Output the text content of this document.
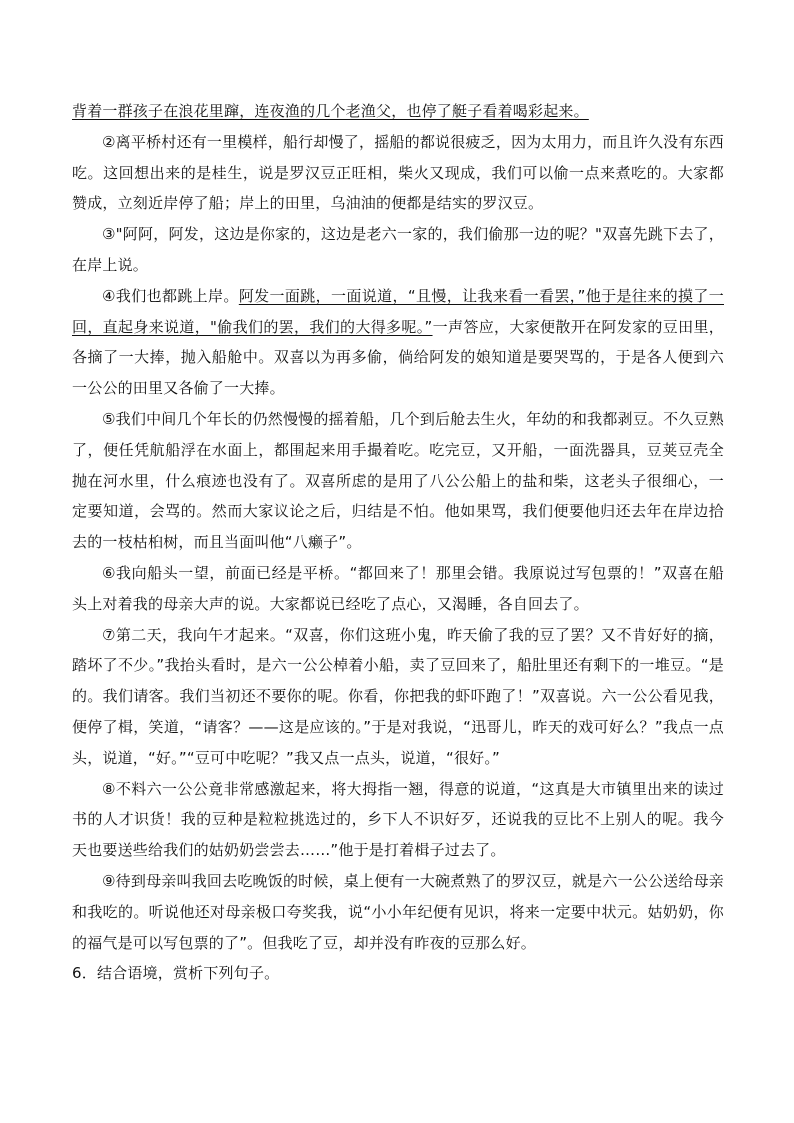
背着一群孩子在浪花里蹿，连夜渔的几个老渔父，也停了艇子看着喝彩起来。

②离平桥村还有一里模样，船行却慢了，摇船的都说很疲乏，因为太用力，而且许久没有东西吃。这回想出来的是桂生，说是罗汉豆正旺相，柴火又现成，我们可以偷一点来煮吃的。大家都赞成，立刻近岸停了船；岸上的田里，乌油油的便都是结实的罗汉豆。

③"阿阿，阿发，这边是你家的，这边是老六一家的，我们偷那一边的呢？"双喜先跳下去了，在岸上说。

④我们也都跳上岸。阿发一面跳，一面说道，“且慢，让我来看一看罢，”他于是往来的摸了一回，直起身来说道，"偷我们的罢，我们的大得多呢。”一声答应，大家便散开在阿发家的豆田里，各摘了一大捧，抛入船舱中。双喜以为再多偷，倘给阿发的娘知道是要哭骂的，于是各人便到六一公公的田里又各偷了一大捧。

⑤我们中间几个年长的仍然慢慢的摇着船，几个到后舱去生火，年幼的和我都剥豆。不久豆熟了，便任凭航船浮在水面上，都围起来用手撮着吃。吃完豆，又开船，一面洗器具，豆荚豆壳全抛在河水里，什么痕迹也没有了。双喜所虑的是用了八公公船上的盐和柴，这老头子很细心，一定要知道，会骂的。然而大家议论之后，归结是不怕。他如果骂，我们便要他归还去年在岸边拾去的一枝枯桕树，而且当面叫他“八癞子”。

⑥我向船头一望，前面已经是平桥。“都回来了！那里会错。我原说过写包票的！”双喜在船头上对着我的母亲大声的说。大家都说已经吃了点心，又渴睡，各自回去了。

⑦第二天，我向午才起来。“双喜，你们这班小鬼，昨天偷了我的豆了罢？又不肯好好的摘，踏坏了不少。”我抬头看时，是六一公公棹着小船，卖了豆回来了，船肚里还有剩下的一堆豆。“是的。我们请客。我们当初还不要你的呢。你看，你把我的虾吓跑了！”双喜说。六一公公看见我，便停了楫，笑道，“请客？——这是应该的。”于是对我说，“迅哥儿，昨天的戏可好么？”我点一点头，说道，“好。”“豆可中吃呢？”我又点一点头，说道，“很好。”

⑧不料六一公公竟非常感激起来，将大拇指一翘，得意的说道，“这真是大市镇里出来的读过书的人才识货！我的豆种是粒粒挑选过的，乡下人不识好歹，还说我的豆比不上别人的呢。我今天也要送些给我们的姑奶奶尝尝去……”他于是打着楫子过去了。

⑨待到母亲叫我回去吃晚饭的时候，桌上便有一大碗煮熟了的罗汉豆，就是六一公公送给母亲和我吃的。听说他还对母亲极口夸奖我，说“小小年纪便有见识，将来一定要中状元。姑奶奶，你的福气是可以写包票的了”。但我吃了豆，却并没有昨夜的豆那么好。

6．结合语境，赏析下列句子。
